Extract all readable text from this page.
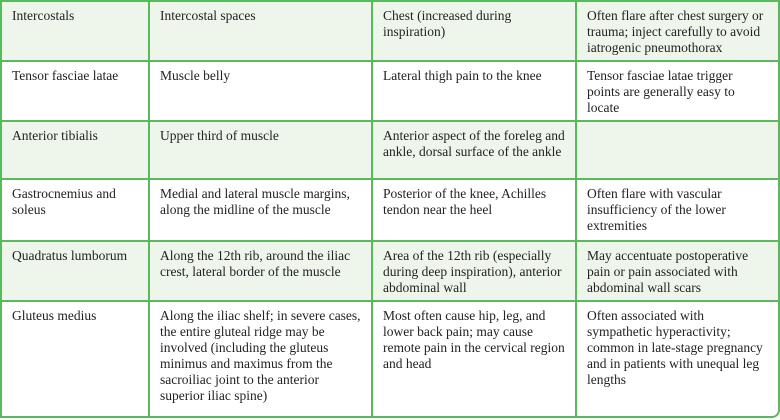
Intercostals	Intercostal spaces	Chest (increased during inspiration)	Often flare after chest surgery or trauma; inject carefully to avoid iatrogenic pneumothorax
Tensor fasciae latae	Muscle belly	Lateral thigh pain to the knee	Tensor fasciae latae trigger points are generally easy to locate
Anterior tibialis	Upper third of muscle	Anterior aspect of the foreleg and ankle, dorsal surface of the ankle	
Gastrocnemius and soleus	Medial and lateral muscle margins, along the midline of the muscle	Posterior of the knee, Achilles tendon near the heel	Often flare with vascular insufficiency of the lower extremities
Quadratus lumborum	Along the 12th rib, around the iliac crest, lateral border of the muscle	Area of the 12th rib (especially during deep inspiration), anterior abdominal wall	May accentuate postoperative pain or pain associated with abdominal wall scars
Gluteus medius	Along the iliac shelf; in severe cases, the entire gluteal ridge may be involved (including the gluteus minimus and maximus from the sacroiliac joint to the anterior superior iliac spine)	Most often cause hip, leg, and lower back pain; may cause remote pain in the cervical region and head	Often associated with sympathetic hyperactivity; common in late-stage pregnancy and in patients with unequal leg lengths
